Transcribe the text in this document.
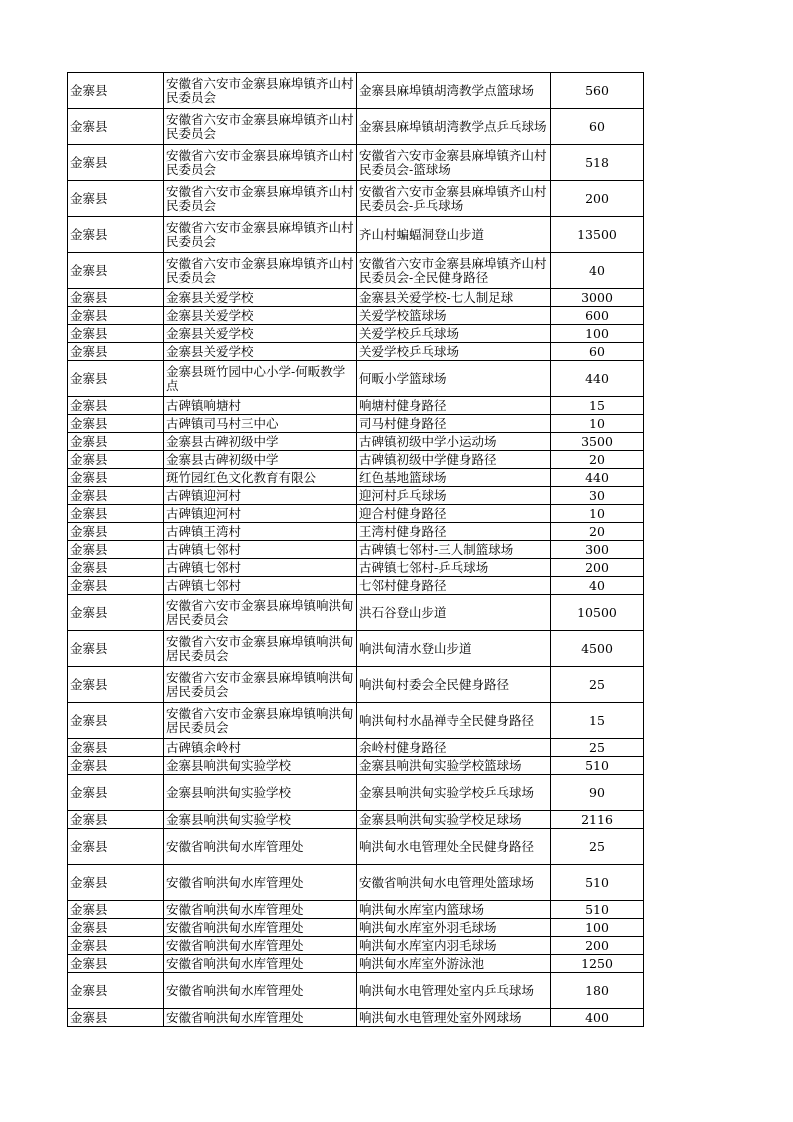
金寨县	安徽省六安市金寨县麻埠镇齐山村民委员会	金寨县麻埠镇胡湾教学点篮球场	560
金寨县	安徽省六安市金寨县麻埠镇齐山村民委员会	金寨县麻埠镇胡湾教学点乒乓球场	60
金寨县	安徽省六安市金寨县麻埠镇齐山村民委员会	安徽省六安市金寨县麻埠镇齐山村民委员会-篮球场	518
金寨县	安徽省六安市金寨县麻埠镇齐山村民委员会	安徽省六安市金寨县麻埠镇齐山村民委员会-乒乓球场	200
金寨县	安徽省六安市金寨县麻埠镇齐山村民委员会	齐山村蝙蝠洞登山步道	13500
金寨县	安徽省六安市金寨县麻埠镇齐山村民委员会	安徽省六安市金寨县麻埠镇齐山村民委员会-全民健身路径	40
金寨县	金寨县关爱学校	金寨县关爱学校-七人制足球	3000
金寨县	金寨县关爱学校	关爱学校篮球场	600
金寨县	金寨县关爱学校	关爱学校乒乓球场	100
金寨县	金寨县关爱学校	关爱学校乒乓球场	60
金寨县	金寨县斑竹园中心小学-何畈教学点	何畈小学篮球场	440
金寨县	古碑镇响塘村	响塘村健身路径	15
金寨县	古碑镇司马村三中心	司马村健身路径	10
金寨县	金寨县古碑初级中学	古碑镇初级中学小运动场	3500
金寨县	金寨县古碑初级中学	古碑镇初级中学健身路径	20
金寨县	斑竹园红色文化教育有限公	红色基地篮球场	440
金寨县	古碑镇迎河村	迎河村乒乓球场	30
金寨县	古碑镇迎河村	迎合村健身路径	10
金寨县	古碑镇王湾村	王湾村健身路径	20
金寨县	古碑镇七邻村	古碑镇七邻村-三人制篮球场	300
金寨县	古碑镇七邻村	古碑镇七邻村-乒乓球场	200
金寨县	古碑镇七邻村	七邻村健身路径	40
金寨县	安徽省六安市金寨县麻埠镇响洪甸居民委员会	洪石谷登山步道	10500
金寨县	安徽省六安市金寨县麻埠镇响洪甸居民委员会	响洪甸清水登山步道	4500
金寨县	安徽省六安市金寨县麻埠镇响洪甸居民委员会	响洪甸村委会全民健身路径	25
金寨县	安徽省六安市金寨县麻埠镇响洪甸居民委员会	响洪甸村水晶禅寺全民健身路径	15
金寨县	古碑镇余岭村	余岭村健身路径	25
金寨县	金寨县响洪甸实验学校	金寨县响洪甸实验学校篮球场	510
金寨县	金寨县响洪甸实验学校	金寨县响洪甸实验学校乒乓球场	90
金寨县	金寨县响洪甸实验学校	金寨县响洪甸实验学校足球场	2116
金寨县	安徽省响洪甸水库管理处	响洪甸水电管理处全民健身路径	25
金寨县	安徽省响洪甸水库管理处	安徽省响洪甸水电管理处篮球场	510
金寨县	安徽省响洪甸水库管理处	响洪甸水库室内篮球场	510
金寨县	安徽省响洪甸水库管理处	响洪甸水库室外羽毛球场	100
金寨县	安徽省响洪甸水库管理处	响洪甸水库室内羽毛球场	200
金寨县	安徽省响洪甸水库管理处	响洪甸水库室外游泳池	1250
金寨县	安徽省响洪甸水库管理处	响洪甸水电管理处室内乒乓球场	180
金寨县	安徽省响洪甸水库管理处	响洪甸水电管理处室外网球场	400
